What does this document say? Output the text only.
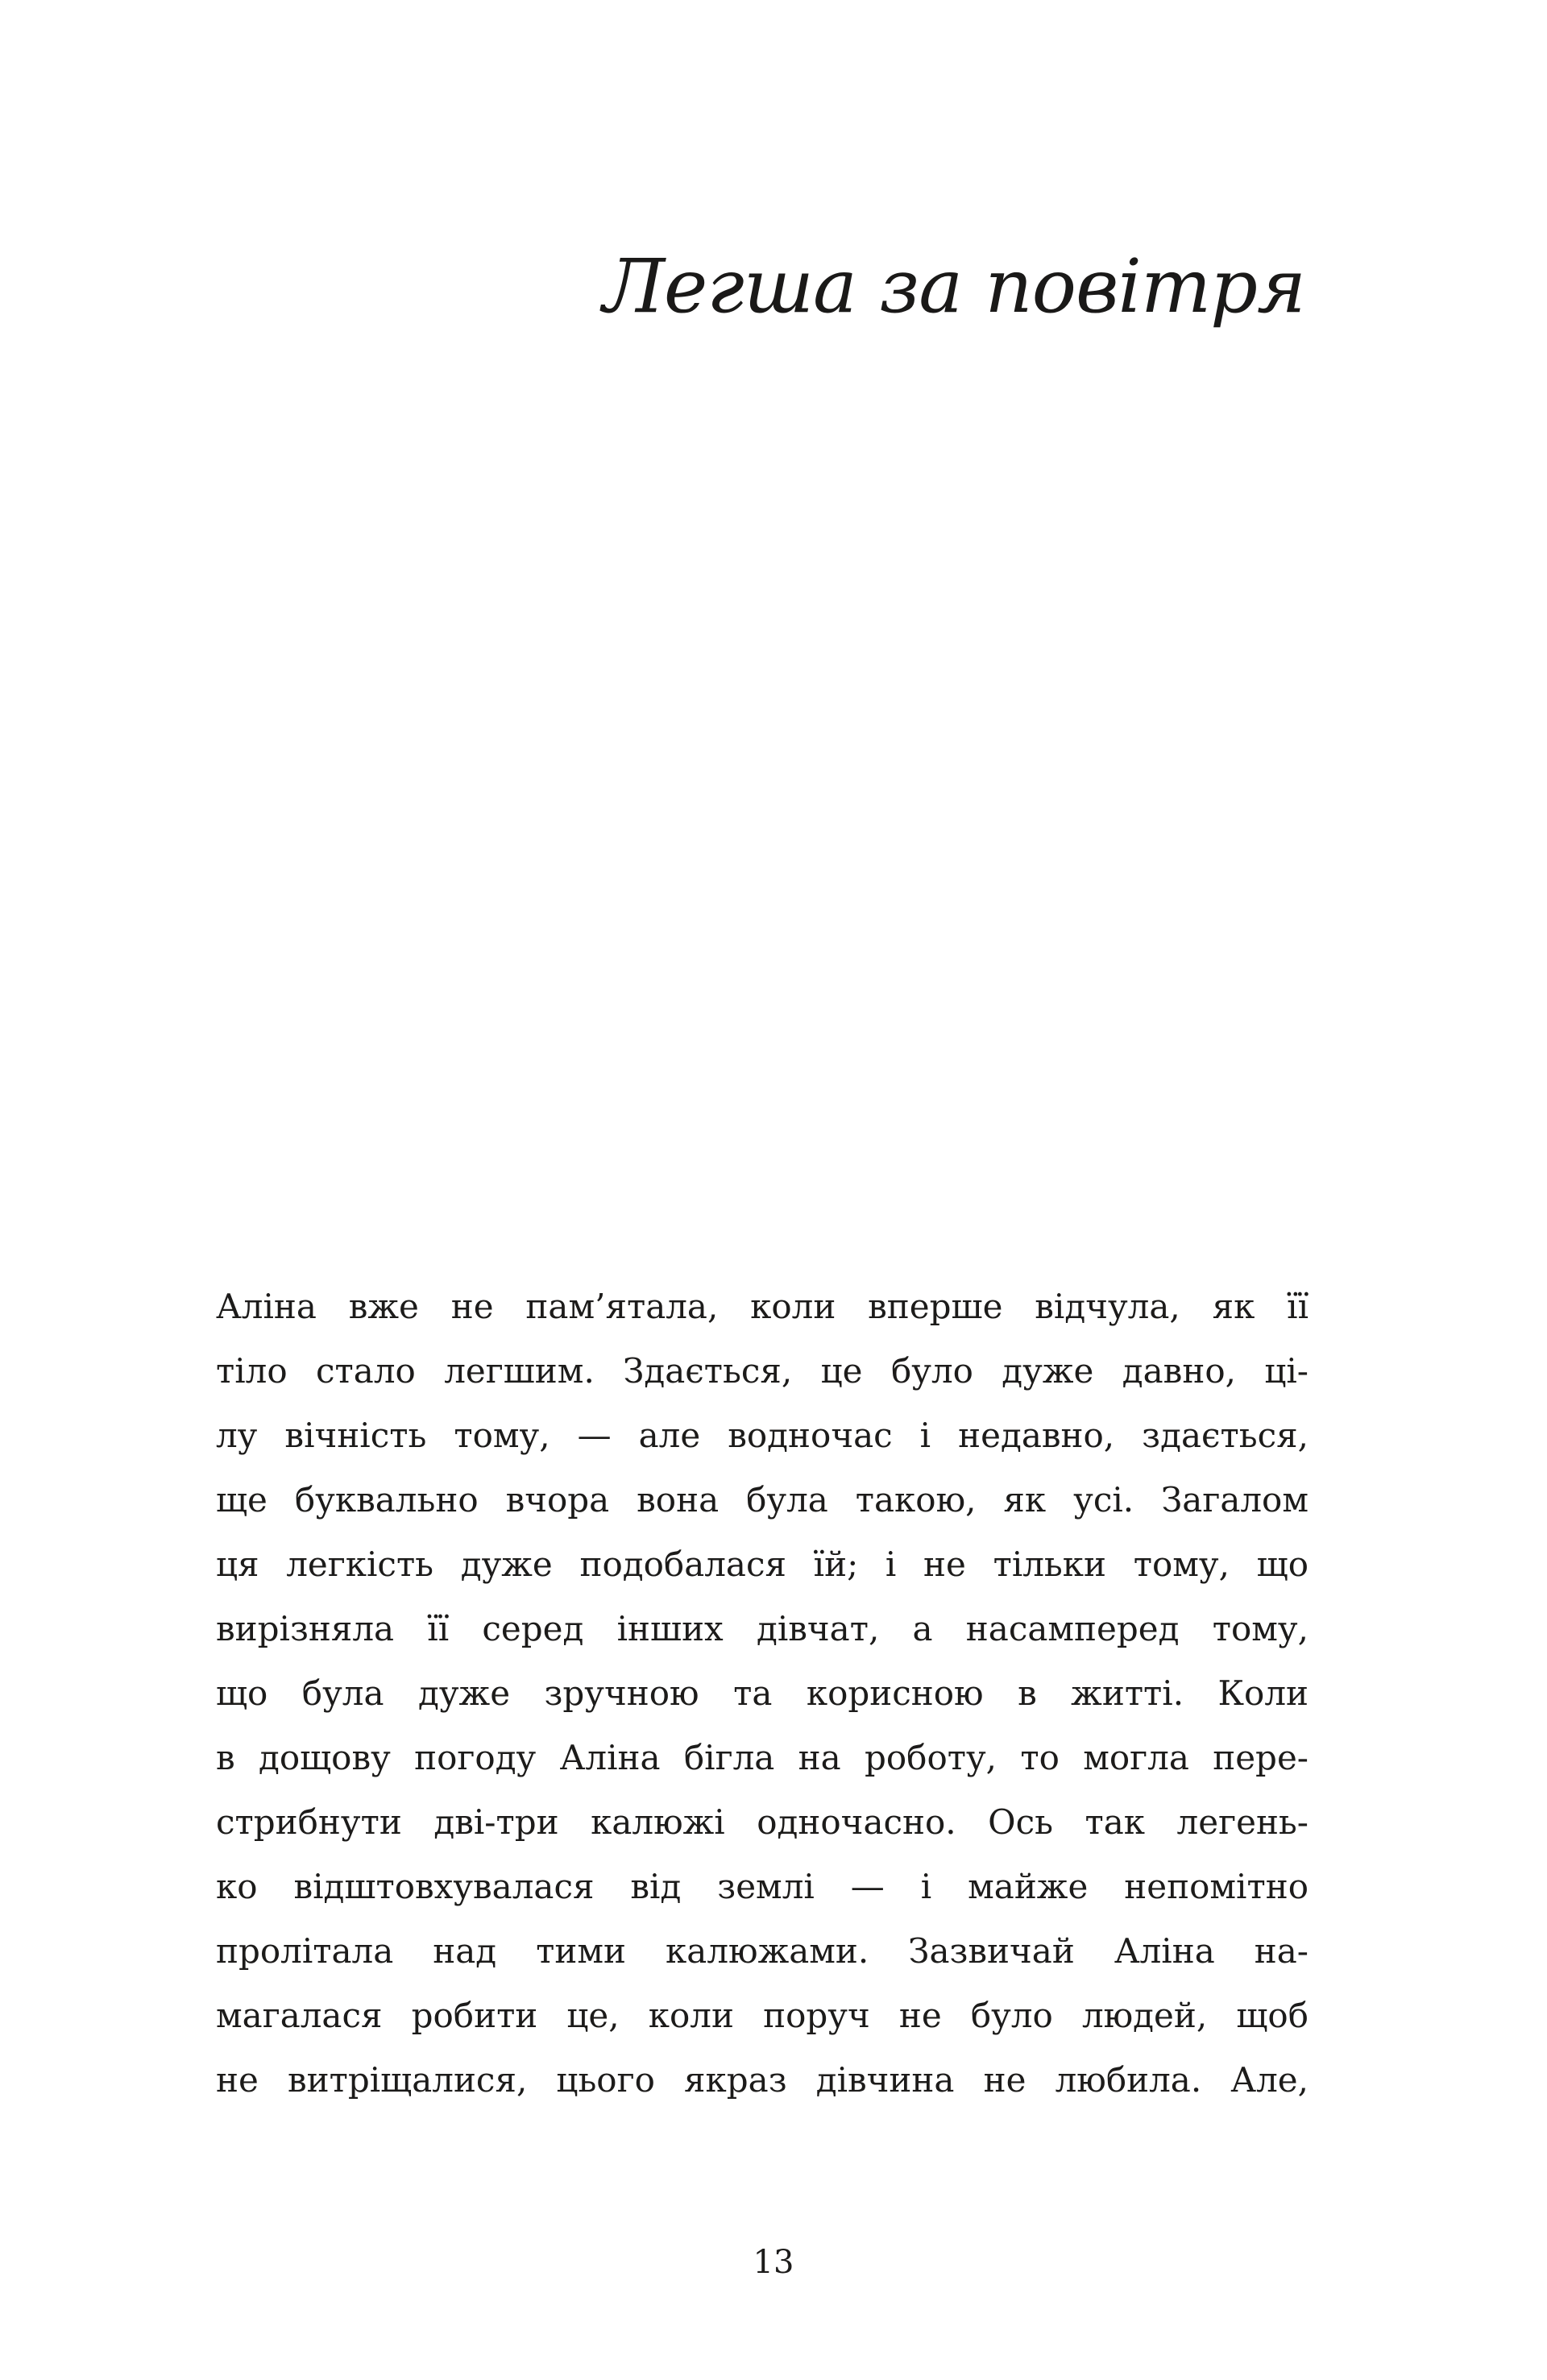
Легша за повітря
Аліна вже не пам’ятала, коли вперше відчула, як її
тіло стало легшим. Здається, це було дуже давно, ці-
лу вічність тому, — але водночас і недавно, здається,
ще буквально вчора вона була такою, як усі. Загалом
ця легкість дуже подобалася їй; і не тільки тому, що
вирізняла її серед інших дівчат, а насамперед тому,
що була дуже зручною та корисною в житті. Коли
в дощову погоду Аліна бігла на роботу, то могла пере-
стрибнути дві-три калюжі одночасно. Ось так легень-
ко відштовхувалася від землі — і майже непомітно
пролітала над тими калюжами. Зазвичай Аліна на-
магалася робити це, коли поруч не було людей, щоб
не витріщалися, цього якраз дівчина не любила. Але,
13
